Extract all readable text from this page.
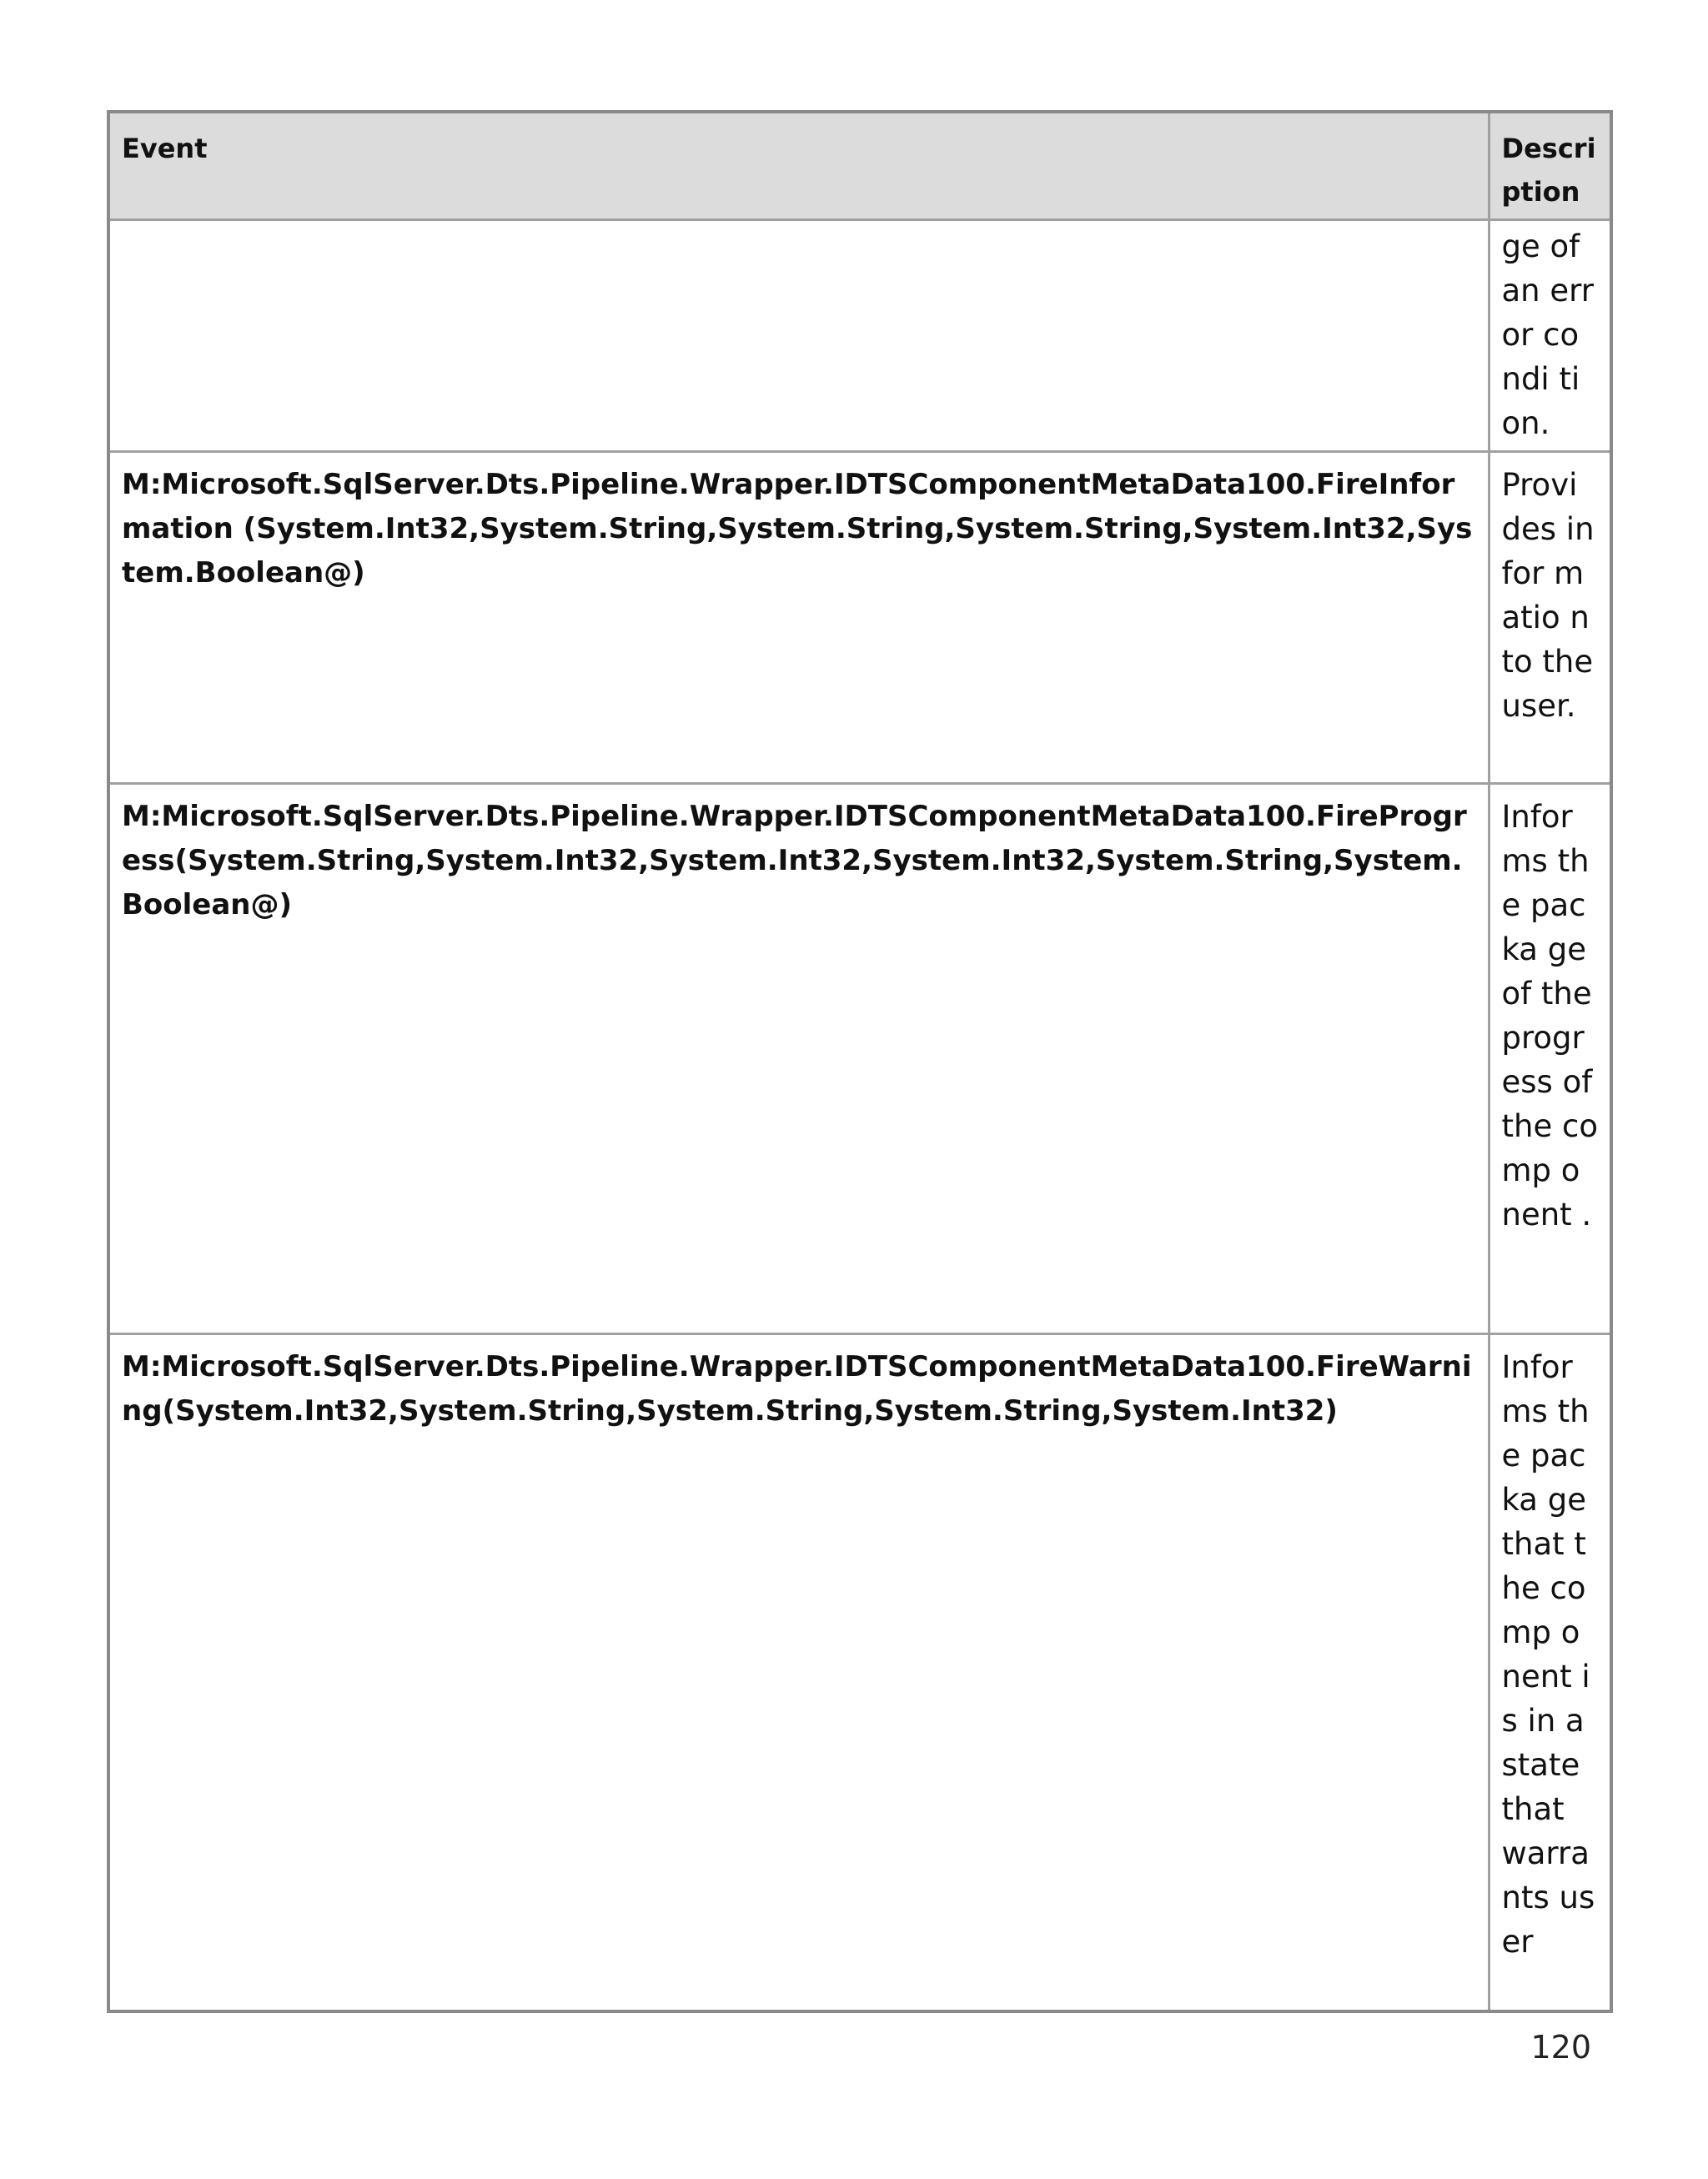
Event	Descri ption
	ge of an error condi tion.
M:Microsoft.SqlServer.Dts.Pipeline.Wrapper.IDTSComponentMetaData100.FireInformation (System.Int32,System.String,System.String,System.String,System.Int32,System.Boolean@)	Provi des infor matio n to the user.
M:Microsoft.SqlServer.Dts.Pipeline.Wrapper.IDTSComponentMetaData100.FireProgress(System.String,System.Int32,System.Int32,System.Int32,System.String,System.Boolean@)	Infor ms the packa ge of the progr ess of the comp onent .
M:Microsoft.SqlServer.Dts.Pipeline.Wrapper.IDTSComponentMetaData100.FireWarning(System.Int32,System.String,System.String,System.String,System.Int32)	Infor ms the packa ge that the comp onent is in a state that warra nts user
120
